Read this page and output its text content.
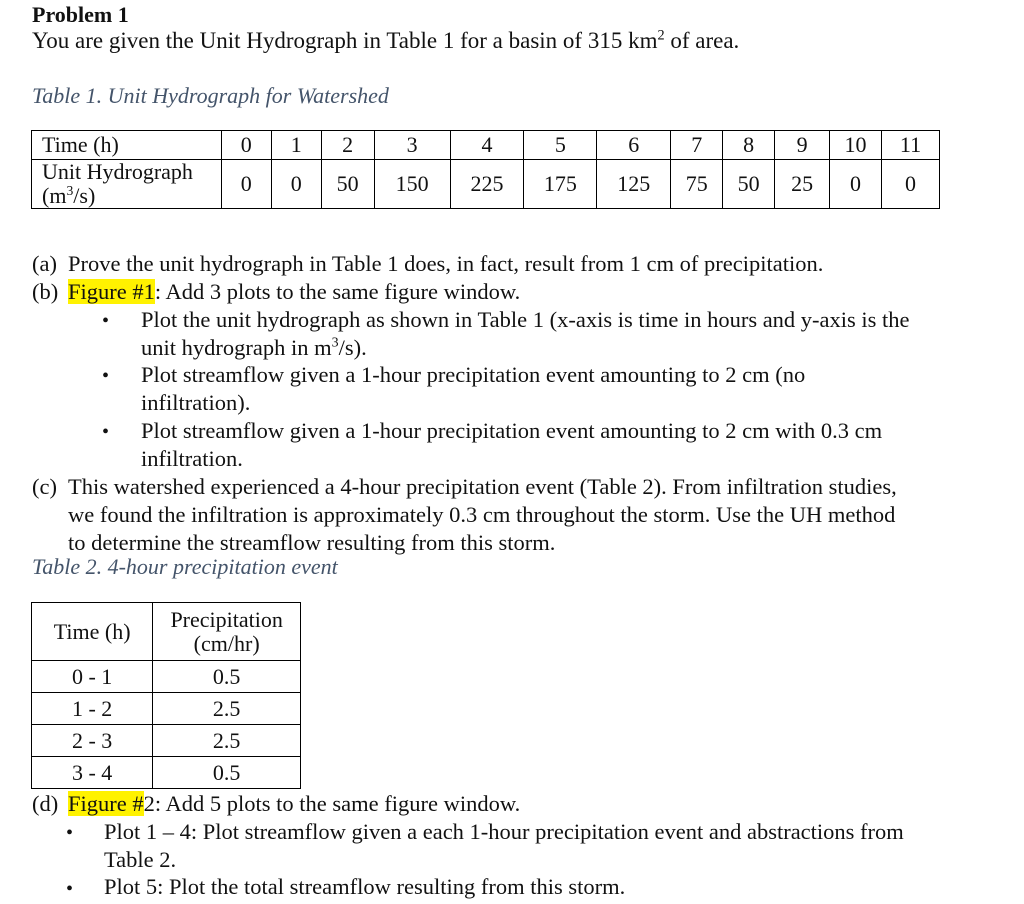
Problem 1
You are given the Unit Hydrograph in Table 1 for a basin of 315 $km^2$ of area.
Table 1. Unit Hydrograph for Watershed
Time (h)	0	1	2	3	4	5	6	7	8	9	10	11
Unit Hydrograph
$(m^3/s)$	0	0	50	150	225	175	125	75	50	25	0	0
(a) Prove the unit hydrograph in Table 1 does, in fact, result from 1 cm of precipitation.
(b) Figure #1: Add 3 plots to the same figure window.
• Plot the unit hydrograph as shown in Table 1 (x-axis is time in hours and y-axis is the
unit hydrograph in $m^3/s$).
• Plot streamflow given a 1-hour precipitation event amounting to 2 cm (no
infiltration).
• Plot streamflow given a 1-hour precipitation event amounting to 2 cm with 0.3 cm
infiltration.
(c) This watershed experienced a 4-hour precipitation event (Table 2). From infiltration studies,
we found the infiltration is approximately 0.3 cm throughout the storm. Use the UH method
to determine the streamflow resulting from this storm.
Table 2. 4-hour precipitation event
Time (h)	Precipitation
(cm/hr)
0 - 1	0.5
1 - 2	2.5
2 - 3	2.5
3 - 4	0.5
(d) Figure #2: Add 5 plots to the same figure window.
• Plot 1 – 4: Plot streamflow given a each 1-hour precipitation event and abstractions from
Table 2.
• Plot 5: Plot the total streamflow resulting from this storm.
